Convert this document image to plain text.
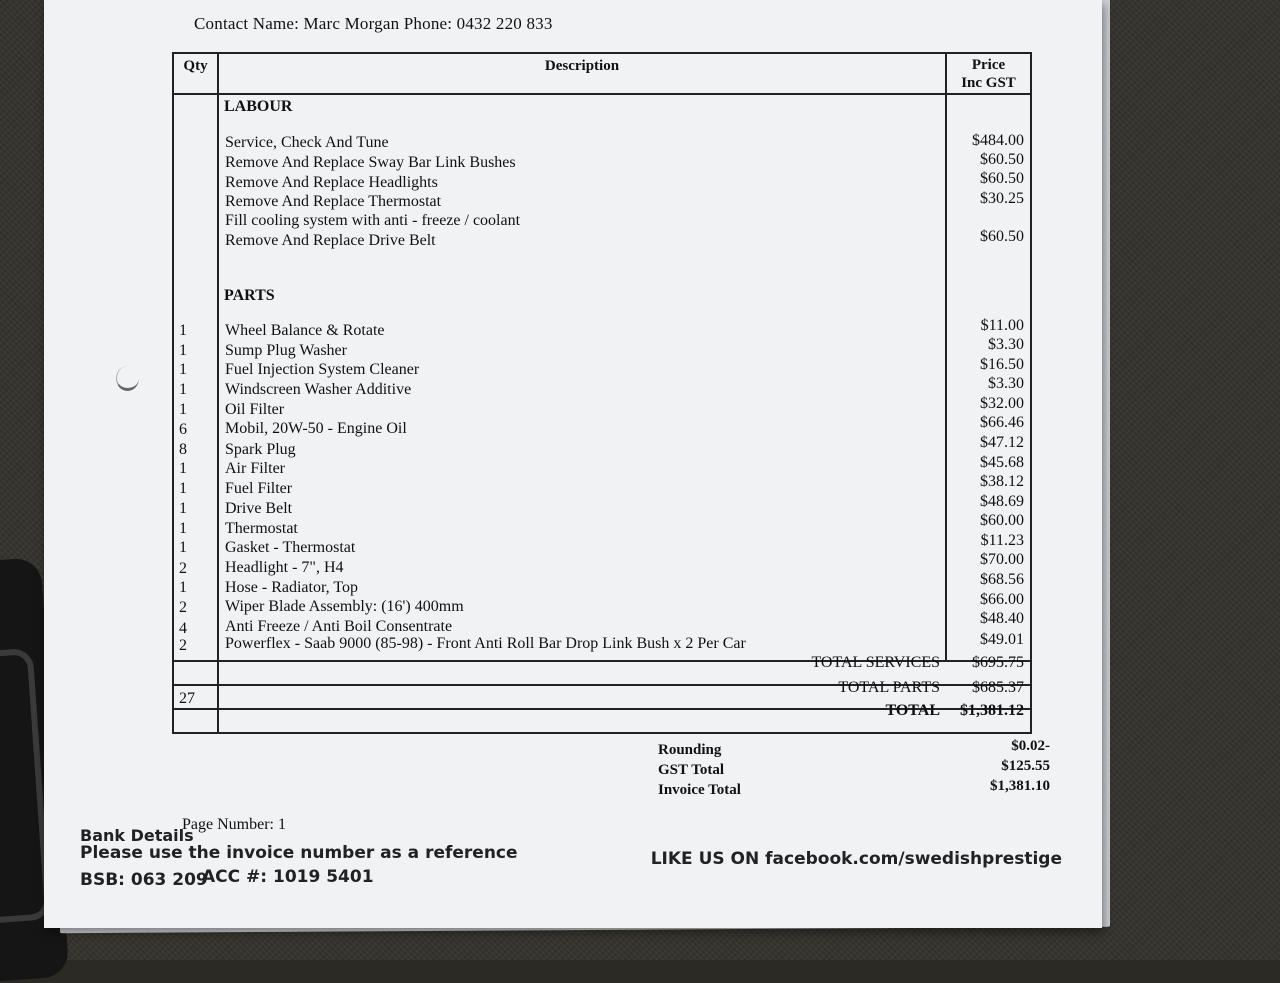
Contact Name: Marc Morgan Phone: 0432 220 833
Qty	Description	Price
Inc GST
LABOUR
Service, Check And Tune	$484.00
Remove And Replace Sway Bar Link Bushes	$60.50
Remove And Replace Headlights	$60.50
Remove And Replace Thermostat	$30.25
Fill cooling system with anti - freeze / coolant
Remove And Replace Drive Belt	$60.50
PARTS
1 Wheel Balance & Rotate	$11.00
1 Sump Plug Washer	$3.30
1 Fuel Injection System Cleaner	$16.50
1 Windscreen Washer Additive	$3.30
1 Oil Filter	$32.00
6 Mobil, 20W-50 - Engine Oil	$66.46
8 Spark Plug	$47.12
1 Air Filter	$45.68
1 Fuel Filter	$38.12
1 Drive Belt	$48.69
1 Thermostat	$60.00
1 Gasket - Thermostat	$11.23
2 Headlight - 7", H4	$70.00
1 Hose - Radiator, Top	$68.56
2 Wiper Blade Assembly: (16') 400mm	$66.00
4 Anti Freeze / Anti Boil Consentrate	$48.40
2 Powerflex - Saab 9000 (85-98) - Front Anti Roll Bar Drop Link Bush x 2 Per Car	$49.01
TOTAL SERVICES $695.75
27
TOTAL PARTS $685.37
TOTAL $1,381.12
Rounding	$0.02-
GST Total	$125.55
Invoice Total	$1,381.10
Bank Details
Page Number: 1
Please use the invoice number as a reference
BSB: 063 209
ACC #: 1019 5401
LIKE US ON facebook.com/swedishprestige
